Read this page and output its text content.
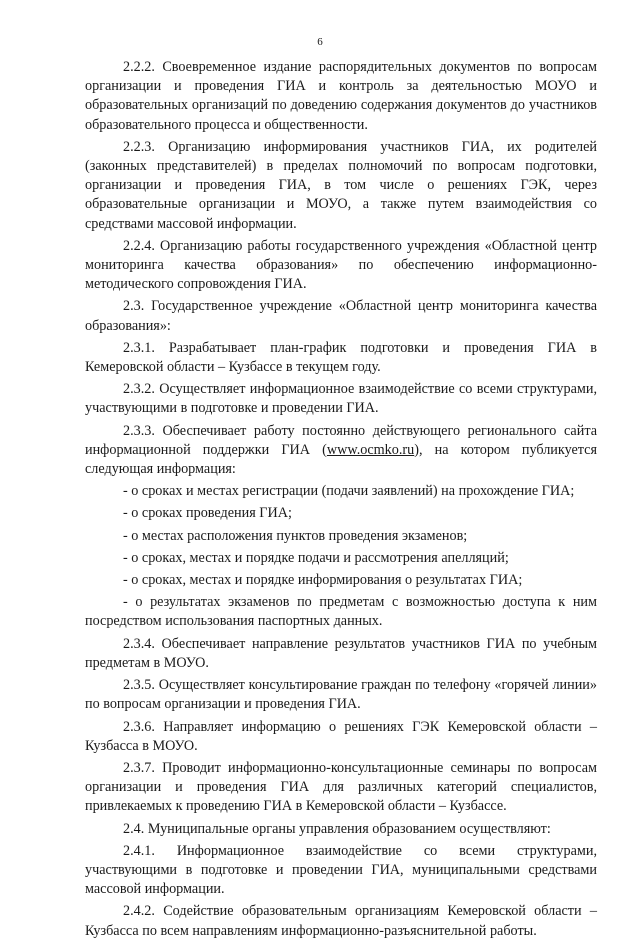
6

2.2.2. Своевременное издание распорядительных документов по вопросам организации и проведения ГИА и контроль за деятельностью МОУО и образовательных организаций по доведению содержания документов до участников образовательного процесса и общественности.

2.2.3. Организацию информирования участников ГИА, их родителей (законных представителей) в пределах полномочий по вопросам подготовки, организации и проведения ГИА, в том числе о решениях ГЭК, через образовательные организации и МОУО, а также путем взаимодействия со средствами массовой информации.

2.2.4. Организацию работы государственного учреждения «Областной центр мониторинга качества образования» по обеспечению информационно-методического сопровождения ГИА.

2.3. Государственное учреждение «Областной центр мониторинга качества образования»:

2.3.1. Разрабатывает план-график подготовки и проведения ГИА в Кемеровской области – Кузбассе в текущем году.

2.3.2. Осуществляет информационное взаимодействие со всеми структурами, участвующими в подготовке и проведении ГИА.

2.3.3. Обеспечивает работу постоянно действующего регионального сайта информационной поддержки ГИА (www.ocmko.ru), на котором публикуется следующая информация:

- о сроках и местах регистрации (подачи заявлений) на прохождение ГИА;

- о сроках проведения ГИА;

- о местах расположения пунктов проведения экзаменов;

- о сроках, местах и порядке подачи и рассмотрения апелляций;

- о сроках, местах и порядке информирования о результатах ГИА;

- о результатах экзаменов по предметам с возможностью доступа к ним посредством использования паспортных данных.

2.3.4. Обеспечивает направление результатов участников ГИА по учебным предметам в МОУО.

2.3.5. Осуществляет консультирование граждан по телефону «горячей линии» по вопросам организации и проведения ГИА.

2.3.6. Направляет информацию о решениях ГЭК Кемеровской области – Кузбасса в МОУО.

2.3.7. Проводит информационно-консультационные семинары по вопросам организации и проведения ГИА для различных категорий специалистов, привлекаемых к проведению ГИА в Кемеровской области – Кузбассе.

2.4. Муниципальные органы управления образованием осуществляют:

2.4.1. Информационное взаимодействие со всеми структурами, участвующими в подготовке и проведении ГИА, муниципальными средствами массовой информации.

2.4.2. Содействие образовательным организациям Кемеровской области – Кузбасса по всем направлениям информационно-разъяснительной работы.
